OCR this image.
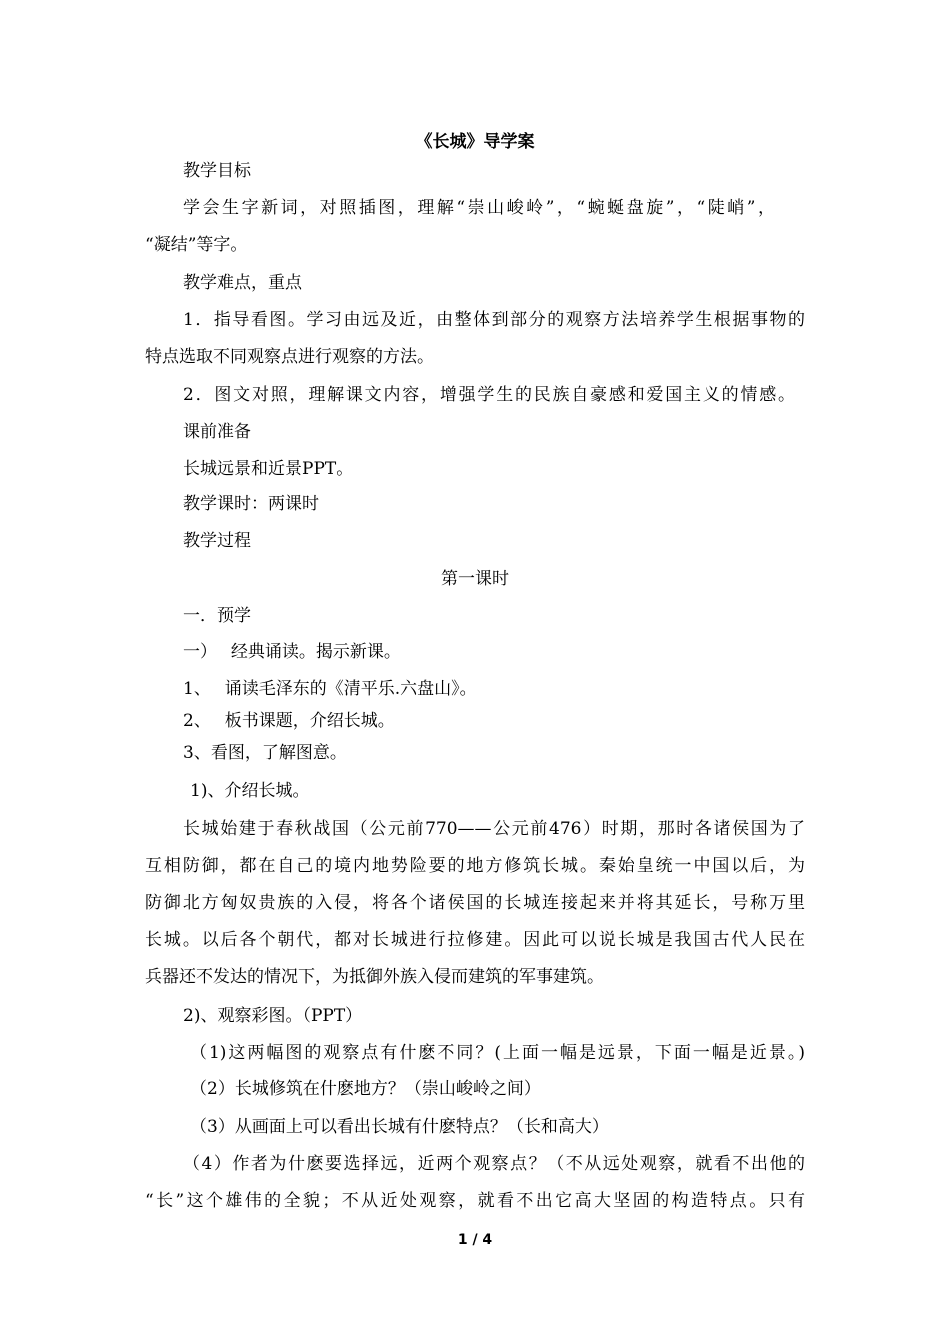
《长城》导学案
教学目标
学会生字新词，对照插图，理解“崇山峻岭”，“蜿蜒盘旋”，“陡峭”，
“凝结”等字。
教学难点，重点
1．指导看图。学习由远及近，由整体到部分的观察方法培养学生根据事物的
特点选取不同观察点进行观察的方法。
2．图文对照，理解课文内容，增强学生的民族自豪感和爱国主义的情感。
课前准备
长城远景和近景PPT。
教学课时：两课时
教学过程
第一课时
一．预学
一）　 经典诵读。揭示新课。
1、　 诵读毛泽东的《清平乐.六盘山》。
2、　 板书课题，介绍长城。
3、看图，了解图意。
1)、介绍长城。
长城始建于春秋战国（公元前770——公元前476）时期，那时各诸侯国为了
互相防御，都在自己的境内地势险要的地方修筑长城。秦始皇统一中国以后，为
防御北方匈奴贵族的入侵，将各个诸侯国的长城连接起来并将其延长，号称万里
长城。以后各个朝代，都对长城进行拉修建。因此可以说长城是我国古代人民在
兵器还不发达的情况下，为抵御外族入侵而建筑的军事建筑。
2)、观察彩图。（PPT）
（1)这两幅图的观察点有什麽不同？(上面一幅是远景，下面一幅是近景。)
（2）长城修筑在什麽地方？（崇山峻岭之间）
（3）从画面上可以看出长城有什麽特点？（长和高大）
（4）作者为什麽要选择远，近两个观察点？（不从远处观察，就看不出他的
“长”这个雄伟的全貌；不从近处观察，就看不出它高大坚固的构造特点。只有
1 / 4
